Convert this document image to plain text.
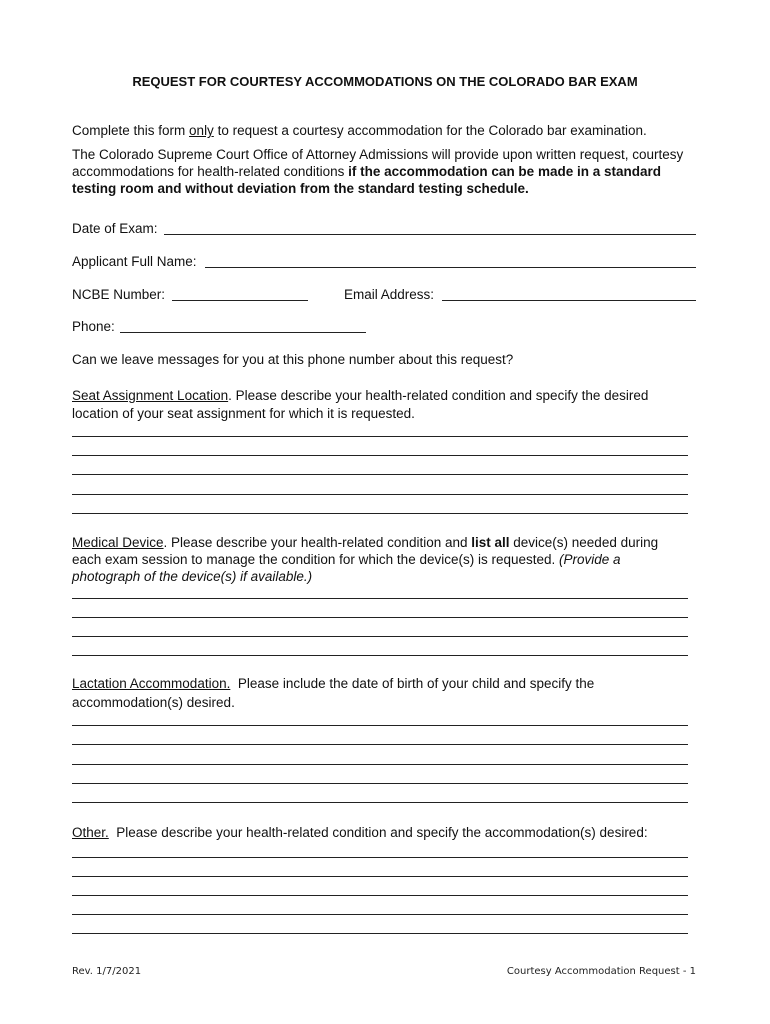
REQUEST FOR COURTESY ACCOMMODATIONS ON THE COLORADO BAR EXAM
Complete this form only to request a courtesy accommodation for the Colorado bar examination.
The Colorado Supreme Court Office of Attorney Admissions will provide upon written request, courtesy
accommodations for health-related conditions if the accommodation can be made in a standard
testing room and without deviation from the standard testing schedule.
Date of Exam:
Applicant Full Name:
NCBE Number:	Email Address:
Phone:
Can we leave messages for you at this phone number about this request?
Seat Assignment Location. Please describe your health-related condition and specify the desired
location of your seat assignment for which it is requested.
Medical Device. Please describe your health-related condition and list all device(s) needed during
each exam session to manage the condition for which the device(s) is requested. (Provide a
photograph of the device(s) if available.)
Lactation Accommodation.  Please include the date of birth of your child and specify the
accommodation(s) desired.
Other.  Please describe your health-related condition and specify the accommodation(s) desired:
Rev. 1/7/2021	Courtesy Accommodation Request - 1
